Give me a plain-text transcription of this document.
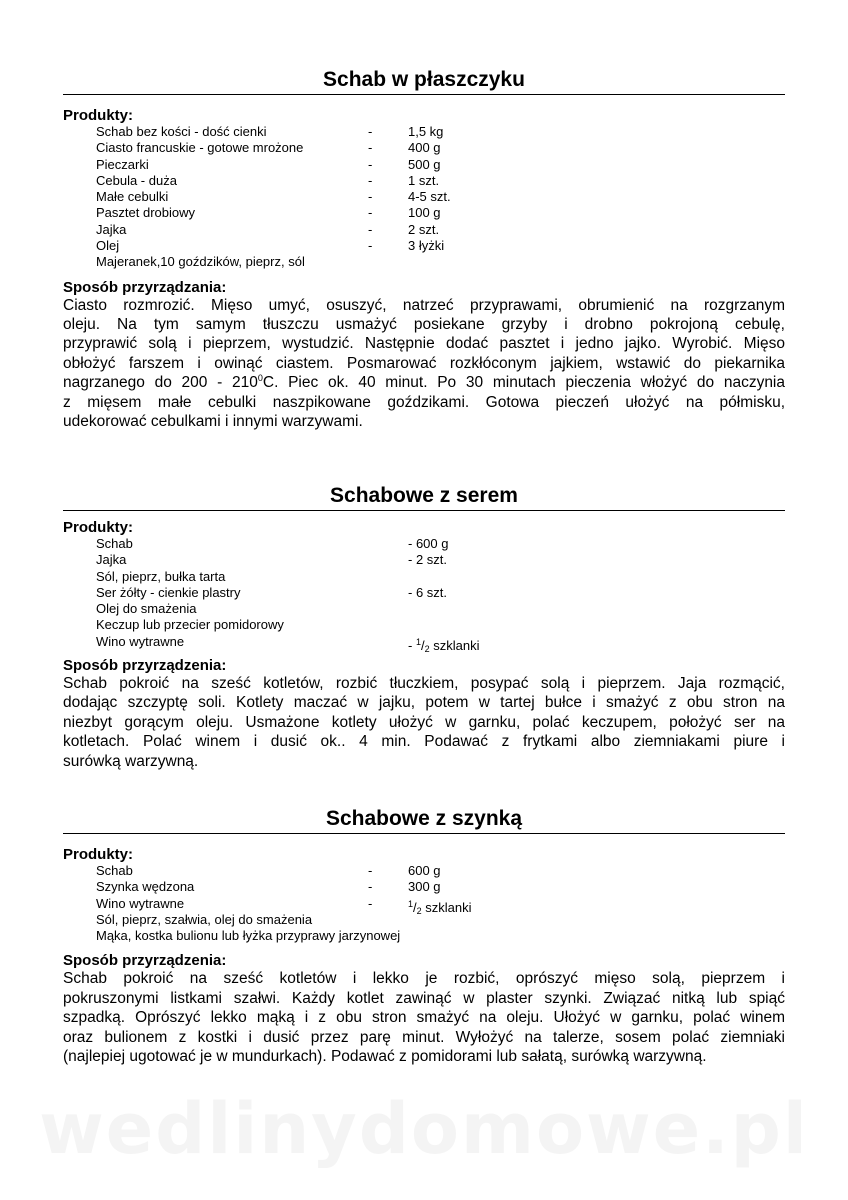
wedlinydomowe.pl
Schab w płaszczyku
Produkty:
Schab bez kości - dość cienki	-	1,5 kg
Ciasto francuskie - gotowe mrożone	-	400 g
Pieczarki	-	500 g
Cebula - duża	-	1 szt.
Małe cebulki	-	4-5 szt.
Pasztet drobiowy	-	100 g
Jajka	-	2 szt.
Olej	-	3 łyżki
Majeranek,10 goździków, pieprz, sól
Sposób przyrządzania:
Ciasto rozmrozić. Mięso umyć, osuszyć, natrzeć przyprawami, obrumienić na rozgrzanym
oleju. Na tym samym tłuszczu usmażyć posiekane grzyby i drobno pokrojoną cebulę,
przyprawić solą i pieprzem, wystudzić. Następnie dodać pasztet i jedno jajko. Wyrobić. Mięso
obłożyć farszem i owinąć ciastem. Posmarować rozkłóconym jajkiem, wstawić do piekarnika
nagrzanego do $200 - 210^0C$. Piec ok. 40 minut. Po 30 minutach pieczenia włożyć do naczynia
z mięsem małe cebulki naszpikowane goździkami. Gotowa pieczeń ułożyć na półmisku,
udekorować cebulkami i innymi warzywami.
Schabowe z serem
Produkty:
Schab	- 600 g
Jajka	- 2 szt.
Sól, pieprz, bułka tarta
Ser żółty - cienkie plastry	- 6 szt.
Olej do smażenia
Keczup lub przecier pomidorowy
Wino wytrawne	- $^1$/2 szklanki
Sposób przyrządzenia:
Schab pokroić na sześć kotletów, rozbić tłuczkiem, posypać solą i pieprzem. Jaja rozmącić,
dodając szczyptę soli. Kotlety maczać w jajku, potem w tartej bułce i smażyć z obu stron na
niezbyt gorącym oleju. Usmażone kotlety ułożyć w garnku, polać keczupem, położyć ser na
kotletach. Polać winem i dusić ok.. 4 min. Podawać z frytkami albo ziemniakami piure i
surówką warzywną.
Schabowe z szynką
Produkty:
Schab	-	600 g
Szynka wędzona	-	300 g
Wino wytrawne	-	$^1$/2 szklanki
Sól, pieprz, szałwia, olej do smażenia
Mąka, kostka bulionu lub łyżka przyprawy jarzynowej
Sposób przyrządzenia:
Schab pokroić na sześć kotletów i lekko je rozbić, oprószyć mięso solą, pieprzem i
pokruszonymi listkami szałwi. Każdy kotlet zawinąć w plaster szynki. Związać nitką lub spiąć
szpadką. Oprószyć lekko mąką i z obu stron smażyć na oleju. Ułożyć w garnku, polać winem
oraz bulionem z kostki i dusić przez parę minut. Wyłożyć na talerze, sosem polać ziemniaki
(najlepiej ugotować je w mundurkach). Podawać z pomidorami lub sałatą, surówką warzywną.
